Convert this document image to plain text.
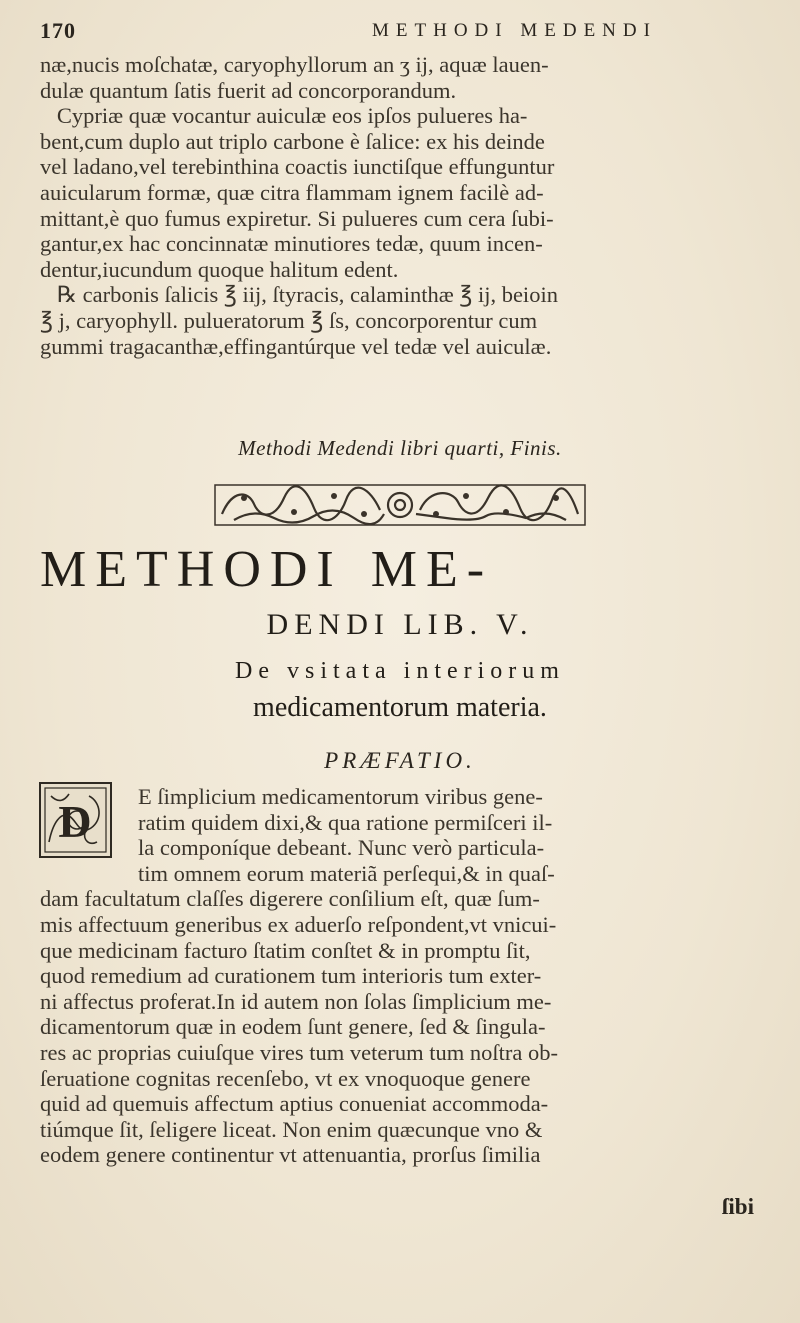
170	METHODI MEDENDI
næ,nucis moſchatæ, caryophyllorum an ʒ ij, aquæ lauen-
dulæ quantum ſatis fuerit ad concorporandum.
Cypriæ quæ vocantur auiculæ eos ipſos pulueres ha-
bent,cum duplo aut triplo carbone è ſalice: ex his deinde
vel ladano,vel terebinthina coactis iunctiſque effunguntur
auicularum formæ, quæ citra flammam ignem facilè ad-
mittant,è quo fumus expiretur. Si pulueres cum cera ſubi-
gantur,ex hac concinnatæ minutiores tedæ, quum incen-
dentur,iucundum quoque halitum edent.
℞ carbonis ſalicis ℥ iij, ſtyracis, calaminthæ ℥ ij, beioin
℥ j, caryophyll. pulueratorum ℥ ſs, concorporentur cum
gummi tragacanthæ,effingantúrque vel tedæ vel auiculæ.
Methodi Medendi libri quarti, Finis.
METHODI ME-
DENDI LIB. V.
De vsitata interiorum
medicamentorum materia.
PRÆFATIO.
D	E ſimplicium medicamentorum viribus gene-
ratim quidem dixi,& qua ratione permiſceri il-
la componíque debeant. Nunc verò particula-
tim omnem eorum materiã perſequi,& in quaſ-
dam facultatum claſſes digerere conſilium eſt, quæ ſum-
mis affectuum generibus ex aduerſo reſpondent,vt vnicui-
que medicinam facturo ſtatim conſtet & in promptu ſit,
quod remedium ad curationem tum interioris tum exter-
ni affectus proferat.In id autem non ſolas ſimplicium me-
dicamentorum quæ in eodem ſunt genere, ſed & ſingula-
res ac proprias cuiuſque vires tum veterum tum noſtra ob-
ſeruatione cognitas recenſebo, vt ex vnoquoque genere
quid ad quemuis affectum aptius conueniat accommoda-
tiúmque ſit, ſeligere liceat. Non enim quæcunque vno &
eodem genere continentur vt attenuantia, prorſus ſimilia
ſibi
